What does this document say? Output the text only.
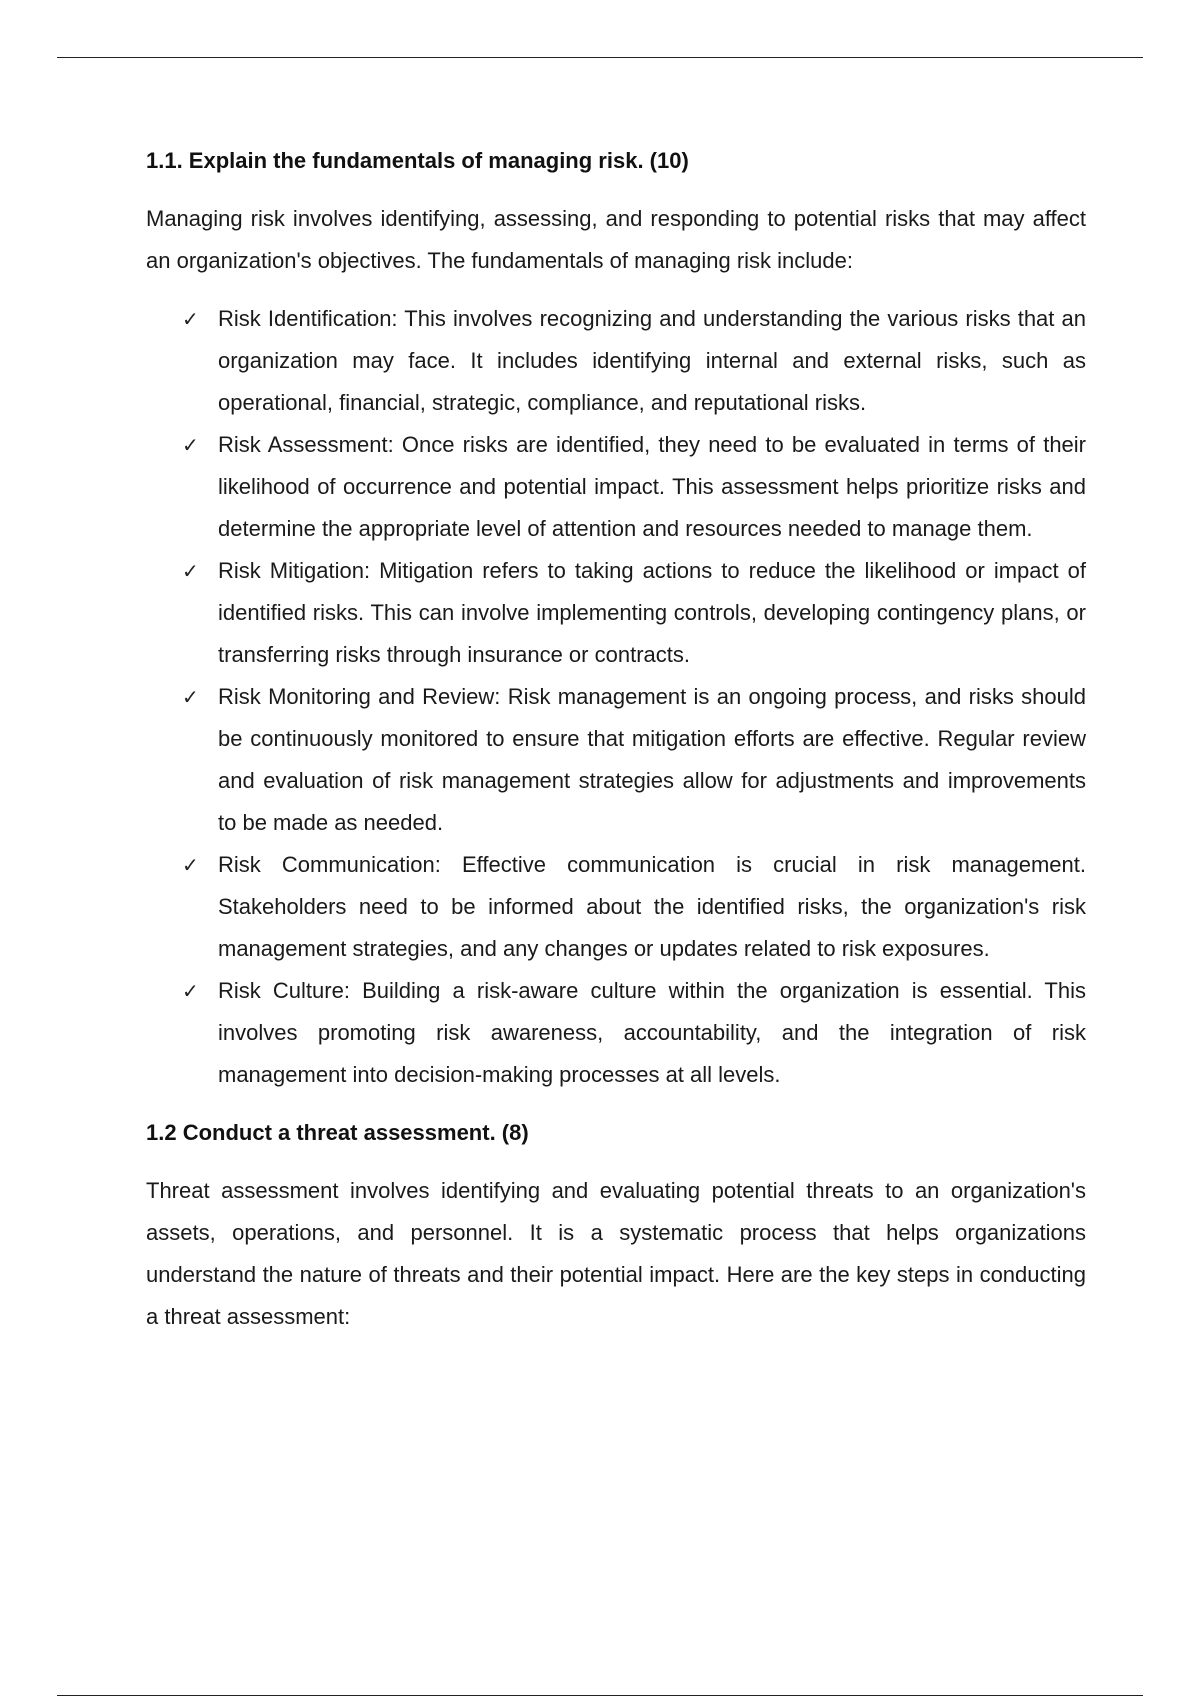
1.1. Explain the fundamentals of managing risk. (10)

Managing risk involves identifying, assessing, and responding to potential risks that may affect an organization's objectives. The fundamentals of managing risk include:

✓ Risk Identification: This involves recognizing and understanding the various risks that an organization may face. It includes identifying internal and external risks, such as operational, financial, strategic, compliance, and reputational risks.
✓ Risk Assessment: Once risks are identified, they need to be evaluated in terms of their likelihood of occurrence and potential impact. This assessment helps prioritize risks and determine the appropriate level of attention and resources needed to manage them.
✓ Risk Mitigation: Mitigation refers to taking actions to reduce the likelihood or impact of identified risks. This can involve implementing controls, developing contingency plans, or transferring risks through insurance or contracts.
✓ Risk Monitoring and Review: Risk management is an ongoing process, and risks should be continuously monitored to ensure that mitigation efforts are effective. Regular review and evaluation of risk management strategies allow for adjustments and improvements to be made as needed.
✓ Risk Communication: Effective communication is crucial in risk management. Stakeholders need to be informed about the identified risks, the organization's risk management strategies, and any changes or updates related to risk exposures.
✓ Risk Culture: Building a risk-aware culture within the organization is essential. This involves promoting risk awareness, accountability, and the integration of risk management into decision-making processes at all levels.
1.2 Conduct a threat assessment. (8)

Threat assessment involves identifying and evaluating potential threats to an organization's assets, operations, and personnel. It is a systematic process that helps organizations understand the nature of threats and their potential impact. Here are the key steps in conducting a threat assessment:
